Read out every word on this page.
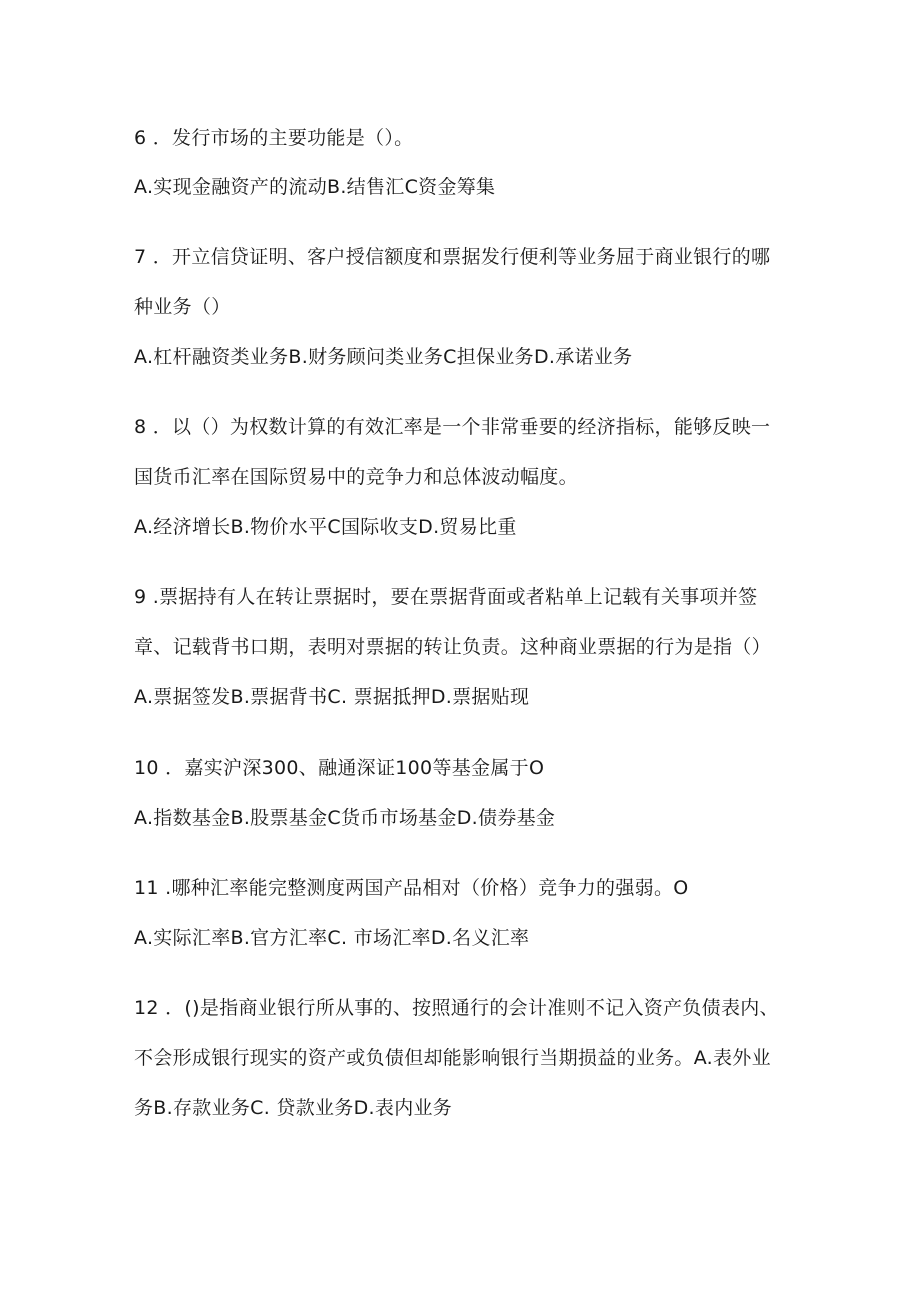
6 ．发行市场的主要功能是（）。
A.实现金融资产的流动B.结售汇C资金筹集
7 ．开立信贷证明、客户授信额度和票据发行便利等业务屈于商业银行的哪
种业务（）
A.杠杆融资类业务B.财务顾问类业务C担保业务D.承诺业务
8 ．以（）为权数计算的有效汇率是一个非常垂要的经济指标，能够反映一
国货币汇率在国际贸易中的竞争力和总体波动幅度。
A.经济增长B.物价水平C国际收支D.贸易比重
9 .票据持有人在转让票据时，要在票据背面或者粘单上记载有关事项并签
章、记载背书口期，表明对票据的转让负责。这种商业票据的行为是指（）
A.票据签发B.票据背书C. 票据抵押D.票据贴现
10 ．嘉实沪深300、融通深证100等基金属于O
A.指数基金B.股票基金C货币市场基金D.债券基金
11 .哪种汇率能完整测度两国产品相对（价格）竞争力的强弱。O
A.实际汇率B.官方汇率C. 市场汇率D.名义汇率
12 ．()是指商业银行所从事的、按照通行的会计准则不记入资产负债表内、
不会形成银行现实的资产或负债但却能影响银行当期损益的业务。A.表外业
务B.存款业务C. 贷款业务D.表内业务
